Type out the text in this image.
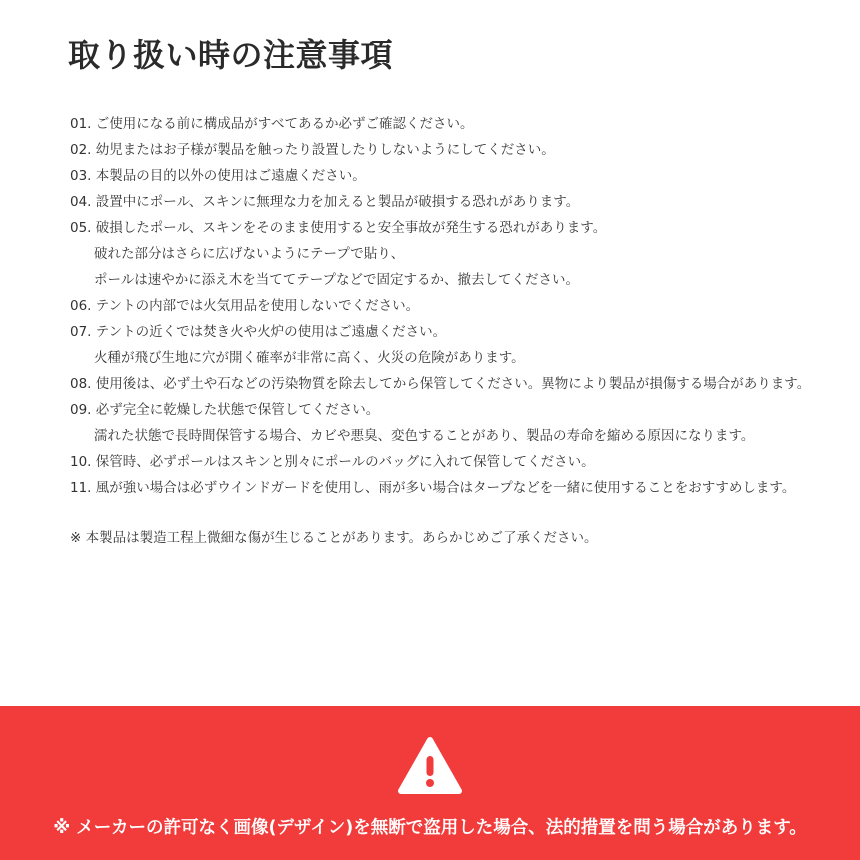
取り扱い時の注意事項
01. ご使用になる前に構成品がすべてあるか必ずご確認ください。
02. 幼児またはお子様が製品を触ったり設置したりしないようにしてください。
03. 本製品の目的以外の使用はご遠慮ください。
04. 設置中にポール、スキンに無理な力を加えると製品が破損する恐れがあります。
05. 破損したポール、スキンをそのまま使用すると安全事故が発生する恐れがあります。
破れた部分はさらに広げないようにテープで貼り、
ポールは速やかに添え木を当ててテープなどで固定するか、撤去してください。
06. テントの内部では火気用品を使用しないでください。
07. テントの近くでは焚き火や火炉の使用はご遠慮ください。
火種が飛び生地に穴が開く確率が非常に高く、火災の危険があります。
08. 使用後は、必ず土や石などの汚染物質を除去してから保管してください。異物により製品が損傷する場合があります。
09. 必ず完全に乾燥した状態で保管してください。
濡れた状態で長時間保管する場合、カビや悪臭、変色することがあり、製品の寿命を縮める原因になります。
10. 保管時、必ずポールはスキンと別々にポールのバッグに入れて保管してください。
11. 風が強い場合は必ずウインドガードを使用し、雨が多い場合はタープなどを一緒に使用することをおすすめします。

※ 本製品は製造工程上微細な傷が生じることがあります。あらかじめご了承ください。

※ メーカーの許可なく画像(デザイン)を無断で盗用した場合、法的措置を問う場合があります。
